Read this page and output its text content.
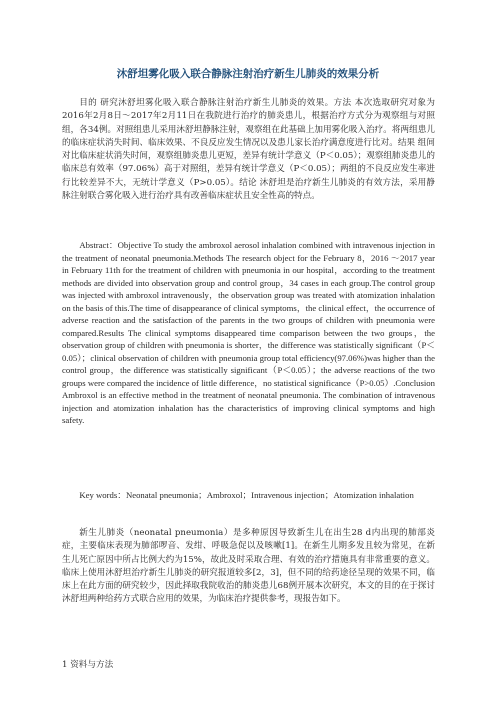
沐舒坦雾化吸入联合静脉注射治疗新生儿肺炎的效果分析

目的 研究沐舒坦雾化吸入联合静脉注射治疗新生儿肺炎的效果。方法 本次选取研究对象为2016年2月8日～2017年2月11日在我院进行治疗的肺炎患儿，根据治疗方式分为观察组与对照组，各34例。对照组患儿采用沐舒坦静脉注射，观察组在此基础上加用雾化吸入治疗。将两组患儿的临床症状消失时间、临床效果、不良反应发生情况以及患儿家长治疗满意度进行比对。结果 组间对比临床症状消失时间，观察组肺炎患儿更短，差异有统计学意义（P＜0.05）；观察组肺炎患儿的临床总有效率（97.06%）高于对照组，差异有统计学意义（P＜0.05）；两组的不良反应发生率进行比较差异不大，无统计学意义（P>0.05）。结论 沐舒坦是治疗新生儿肺炎的有效方法，采用静脉注射联合雾化吸入进行治疗具有改善临床症状且安全性高的特点。

Abstract：Objective To study the ambroxol aerosol inhalation combined with intravenous injection in the treatment of neonatal pneumonia.Methods The research object for the February 8，2016 ～2017 year in February 11th for the treatment of children with pneumonia in our hospital，according to the treatment methods are divided into observation group and control group，34 cases in each group.The control group was injected with ambroxol intravenously，the observation group was treated with atomization inhalation on the basis of this.The time of disappearance of clinical symptoms，the clinical effect，the occurrence of adverse reaction and the satisfaction of the parents in the two groups of children with pneumonia were compared.Results The clinical symptoms disappeared time comparison between the two groups，the observation group of children with pneumonia is shorter，the difference was statistically significant（P＜0.05）；clinical observation of children with pneumonia group total efficiency(97.06%)was higher than the control group，the difference was statistically significant（P＜0.05）；the adverse reactions of the two groups were compared the incidence of little difference，no statistical significance（P>0.05）.Conclusion Ambroxol is an effective method in the treatment of neonatal pneumonia. The combination of intravenous injection and atomization inhalation has the characteristics of improving clinical symptoms and high safety.

Key words：Neonatal pneumonia；Ambroxol；Intravenous injection；Atomization inhalation

新生儿肺炎（neonatal pneumonia）是多种原因导致新生儿在出生28 d内出现的肺部炎症，主要临床表现为肺部啰音、发绀、呼吸急促以及咳嗽[1]。在新生儿期多发且较为常见，在新生儿死亡原因中所占比例大约为15%，故此及时采取合理、有效的治疗措施具有非常重要的意义。临床上使用沐舒坦治疗新生儿肺炎的研究报道较多[2，3]，但不同的给药途径呈现的效果不同，临床上在此方面的研究较少，因此择取我院收治的肺炎患儿68例开展本次研究，本文的目的在于探讨沐舒坦两种给药方式联合应用的效果，为临床治疗提供参考，现报告如下。

1 资料与方法
